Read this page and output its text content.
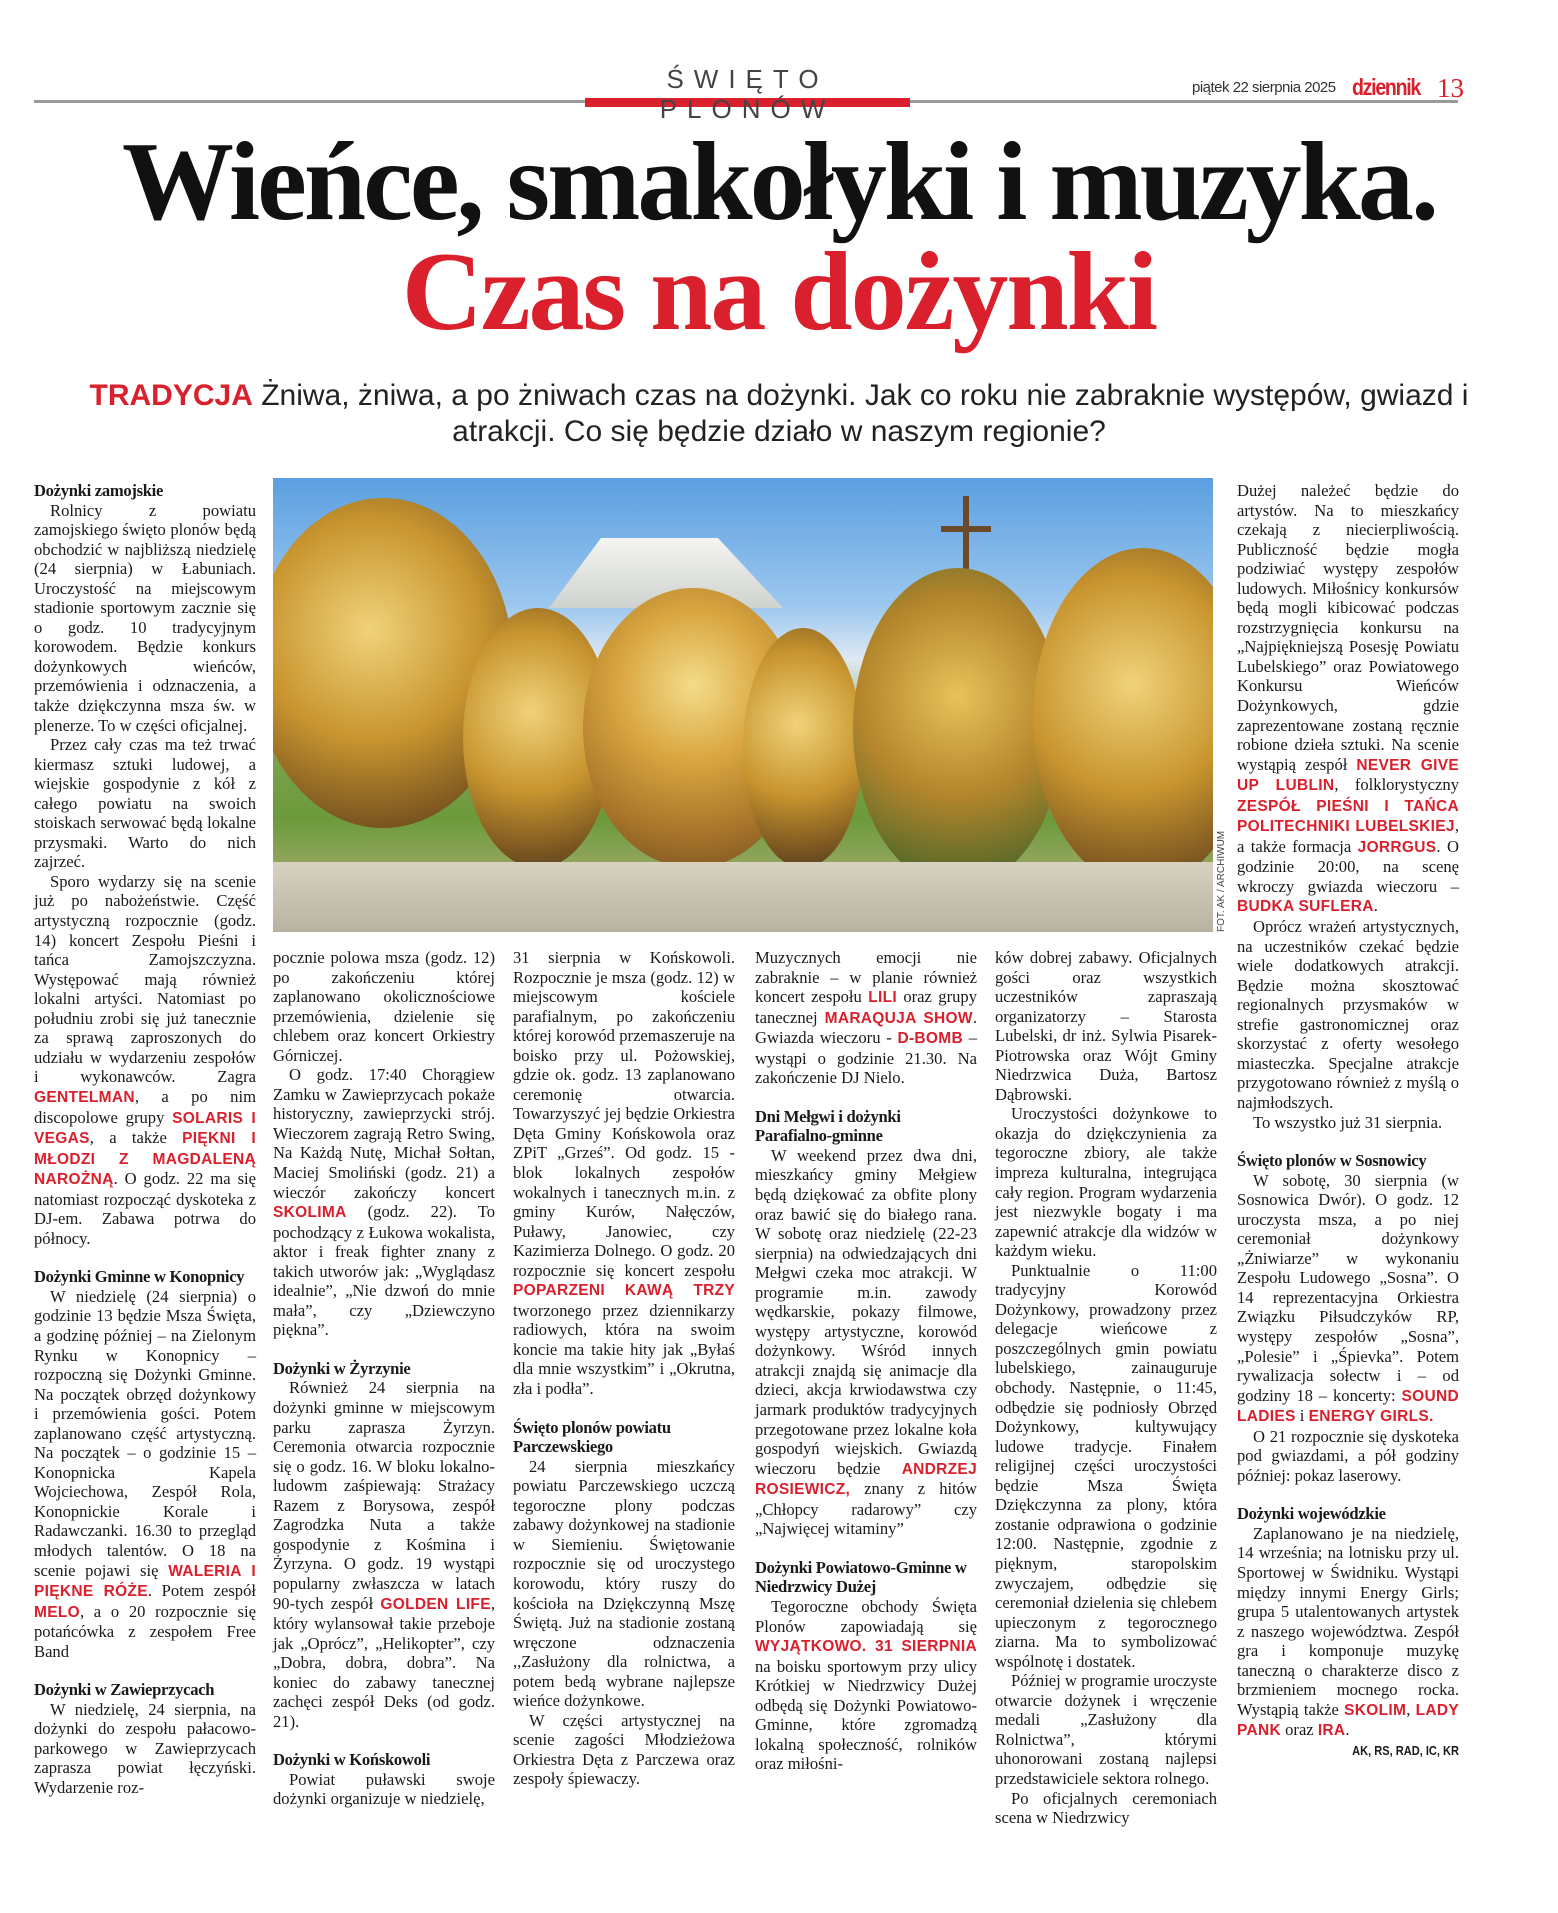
ŚWIĘTO PLONÓW
piątek 22 sierpnia 2025 dziennik 13
Wieńce, smakołyki i muzyka.
Czas na dożynki
TRADYCJA Żniwa, żniwa, a po żniwach czas na dożynki. Jak co roku nie zabraknie występów, gwiazd i atrakcji. Co się będzie działo w naszym regionie?
FOT. AK / ARCHIWUM
Dożynki zamojskie

Rolnicy z powiatu zamojskiego święto plonów będą obchodzić w najbliższą niedzielę (24 sierpnia) w Łabuniach. Uroczystość na miejscowym stadionie sportowym zacznie się o godz. 10 tradycyjnym korowodem. Będzie konkurs dożynkowych wieńców, przemówienia i odznaczenia, a także dziękczynna msza św. w plenerze. To w części oficjalnej.

Przez cały czas ma też trwać kiermasz sztuki ludowej, a wiejskie gospodynie z kół z całego powiatu na swoich stoiskach serwować będą lokalne przysmaki. Warto do nich zajrzeć.

Sporo wydarzy się na scenie już po nabożeństwie. Część artystyczną rozpocznie (godz. 14) koncert Zespołu Pieśni i tańca Zamojszczyzna. Występować mają również lokalni artyści. Natomiast po południu zrobi się już tanecznie za sprawą zaproszonych do udziału w wydarzeniu zespołów i wykonawców. Zagra GENTELMAN, a po nim discopolowe grupy SOLARIS I VEGAS, a także PIĘKNI I MŁODZI Z MAGDALENĄ NAROŻNĄ. O godz. 22 ma się natomiast rozpocząć dyskoteka z DJ-em. Zabawa potrwa do północy.

Dożynki Gminne w Konopnicy

W niedzielę (24 sierpnia) o godzinie 13 będzie Msza Święta, a godzinę później – na Zielonym Rynku w Konopnicy – rozpoczną się Dożynki Gminne. Na początek obrzęd dożynkowy i przemówienia gości. Potem zaplanowano część artystyczną. Na początek – o godzinie 15 – Konopnicka Kapela Wojciechowa, Zespół Rola, Konopnickie Korale i Radawczanki. 16.30 to przegląd młodych talentów. O 18 na scenie pojawi się WALERIA I PIĘKNE RÓŻE. Potem zespół MELO, a o 20 rozpocznie się potańcówka z zespołem Free Band

Dożynki w Zawieprzycach

W niedzielę, 24 sierpnia, na dożynki do zespołu pałacowo-parkowego w Zawieprzycach zaprasza powiat łęczyński. Wydarzenie roz-

pocznie polowa msza (godz. 12) po zakończeniu której zaplanowano okolicznościowe przemówienia, dzielenie się chlebem oraz koncert Orkiestry Górniczej.

O godz. 17:40 Chorągiew Zamku w Zawieprzycach pokaże historyczny, zawieprzycki strój. Wieczorem zagrają Retro Swing, Na Każdą Nutę, Michał Sołtan, Maciej Smoliński (godz. 21) a wieczór zakończy koncert SKOLIMA (godz. 22). To pochodzący z Łukowa wokalista, aktor i freak fighter znany z takich utworów jak: „Wyglądasz idealnie”, „Nie dzwoń do mnie mała”, czy „Dziewczyno piękna”.

Dożynki w Żyrzynie

Również 24 sierpnia na dożynki gminne w miejscowym parku zaprasza Żyrzyn. Ceremonia otwarcia rozpocznie się o godz. 16. W bloku lokalno-ludowm zaśpiewają: Strażacy Razem z Borysowa, zespół Zagrodzka Nuta a także gospodynie z Kośmina i Żyrzyna. O godz. 19 wystąpi popularny zwłaszcza w latach 90-tych zespół GOLDEN LIFE, który wylansował takie przeboje jak „Oprócz”, „Helikopter”, czy „Dobra, dobra, dobra”. Na koniec do zabawy tanecznej zachęci zespół Deks (od godz. 21).

Dożynki w Końskowoli

Powiat puławski swoje dożynki organizuje w niedzielę,

31 sierpnia w Końskowoli. Rozpocznie je msza (godz. 12) w miejscowym kościele parafialnym, po zakończeniu której korowód przemaszeruje na boisko przy ul. Pożowskiej, gdzie ok. godz. 13 zaplanowano ceremonię otwarcia. Towarzyszyć jej będzie Orkiestra Dęta Gminy Końskowola oraz ZPiT „Grześ”. Od godz. 15 - blok lokalnych zespołów wokalnych i tanecznych m.in. z gminy Kurów, Nałęczów, Puławy, Janowiec, czy Kazimierza Dolnego. O godz. 20 rozpocznie się koncert zespołu POPARZENI KAWĄ TRZY tworzonego przez dziennikarzy radiowych, która na swoim koncie ma takie hity jak „Byłaś dla mnie wszystkim” i „Okrutna, zła i podła”.

Święto plonów powiatu Parczewskiego

24 sierpnia mieszkańcy powiatu Parczewskiego uczczą tegoroczne plony podczas zabawy dożynkowej na stadionie w Siemieniu. Świętowanie rozpocznie się od uroczystego korowodu, który ruszy do kościoła na Dziękczynną Mszę Świętą. Już na stadionie zostaną wręczone odznaczenia ,,Zasłużony dla rolnictwa, a potem bedą wybrane najlepsze wieńce dożynkowe.

W części artystycznej na scenie zagości Młodzieżowa Orkiestra Dęta z Parczewa oraz zespoły śpiewaczy.

Muzycznych emocji nie zabraknie – w planie również koncert zespołu LILI oraz grupy tanecznej MARAQUJA SHOW. Gwiazda wieczoru - D-BOMB – wystąpi o godzinie 21.30. Na zakończenie DJ Nielo.

Dni Mełgwi i dożynki Parafialno-gminne

W weekend przez dwa dni, mieszkańcy gminy Mełgiew będą dziękować za obfite plony oraz bawić się do białego rana. W sobotę oraz niedzielę (22-23 sierpnia) na odwiedzających dni Mełgwi czeka moc atrakcji. W programie m.in. zawody wędkarskie, pokazy filmowe, występy artystyczne, korowód dożynkowy. Wśród innych atrakcji znajdą się animacje dla dzieci, akcja krwiodawstwa czy jarmark produktów tradycyjnych przegotowane przez lokalne koła gospodyń wiejskich. Gwiazdą wieczoru będzie ANDRZEJ ROSIEWICZ, znany z hitów „Chłopcy radarowy” czy „Najwięcej witaminy”

Dożynki Powiatowo-Gminne w Niedrzwicy Dużej

Tegoroczne obchody Święta Plonów zapowiadają się WYJĄTKOWO. 31 SIERPNIA na boisku sportowym przy ulicy Krótkiej w Niedrzwicy Dużej odbędą się Dożynki Powiatowo-Gminne, które zgromadzą lokalną społeczność, rolników oraz miłośni-

ków dobrej zabawy. Oficjalnych gości oraz wszystkich uczestników zapraszają organizatorzy – Starosta Lubelski, dr inż. Sylwia Pisarek-Piotrowska oraz Wójt Gminy Niedrzwica Duża, Bartosz Dąbrowski.

Uroczystości dożynkowe to okazja do dziękczynienia za tegoroczne zbiory, ale także impreza kulturalna, integrująca cały region. Program wydarzenia jest niezwykle bogaty i ma zapewnić atrakcje dla widzów w każdym wieku.

Punktualnie o 11:00 tradycyjny Korowód Dożynkowy, prowadzony przez delegacje wieńcowe z poszczególnych gmin powiatu lubelskiego, zainauguruje obchody. Następnie, o 11:45, odbędzie się podniosły Obrzęd Dożynkowy, kultywujący ludowe tradycje. Finałem religijnej części uroczystości będzie Msza Święta Dziękczynna za plony, która zostanie odprawiona o godzinie 12:00. Następnie, zgodnie z pięknym, staropolskim zwyczajem, odbędzie się ceremoniał dzielenia się chlebem upieczonym z tegorocznego ziarna. Ma to symbolizować wspólnotę i dostatek.

Później w programie uroczyste otwarcie dożynek i wręczenie medali „Zasłużony dla Rolnictwa”, którymi uhonorowani zostaną najlepsi przedstawiciele sektora rolnego.

Po oficjalnych ceremoniach scena w Niedrzwicy

Dużej należeć będzie do artystów. Na to mieszkańcy czekają z niecierpliwością. Publiczność będzie mogła podziwiać występy zespołów ludowych. Miłośnicy konkursów będą mogli kibicować podczas rozstrzygnięcia konkursu na „Najpiękniejszą Posesję Powiatu Lubelskiego” oraz Powiatowego Konkursu Wieńców Dożynkowych, gdzie zaprezentowane zostaną ręcznie robione dzieła sztuki. Na scenie wystąpią zespół NEVER GIVE UP LUBLIN, folklorystyczny ZESPÓŁ PIEŚNI I TAŃCA POLITECHNIKI LUBELSKIEJ, a także formacja JORRGUS. O godzinie 20:00, na scenę wkroczy gwiazda wieczoru – BUDKA SUFLERA.

Oprócz wrażeń artystycznych, na uczestników czekać będzie wiele dodatkowych atrakcji. Będzie można skosztować regionalnych przysmaków w strefie gastronomicznej oraz skorzystać z oferty wesołego miasteczka. Specjalne atrakcje przygotowano również z myślą o najmłodszych.

To wszystko już 31 sierpnia.

Święto plonów w Sosnowicy

W sobotę, 30 sierpnia (w Sosnowica Dwór). O godz. 12 uroczysta msza, a po niej ceremoniał dożynkowy „Żniwiarze” w wykonaniu Zespołu Ludowego „Sosna”. O 14 reprezentacyjna Orkiestra Związku Piłsudczyków RP, występy zespołów „Sosna”, „Polesie” i „Śpievka”. Potem rywalizacja sołectw i – od godziny 18 – koncerty: SOUND LADIES i ENERGY GIRLS.

O 21 rozpocznie się dyskoteka pod gwiazdami, a pół godziny później: pokaz laserowy.

Dożynki wojewódzkie

Zaplanowano je na niedzielę, 14 września; na lotnisku przy ul. Sportowej w Świdniku. Wystąpi między innymi Energy Girls; grupa 5 utalentowanych artystek z naszego województwa. Zespół gra i komponuje muzykę taneczną o charakterze disco z brzmieniem mocnego rocka. Wystąpią także SKOLIM, LADY PANK oraz IRA.

AK, RS, RAD, IC, KR
